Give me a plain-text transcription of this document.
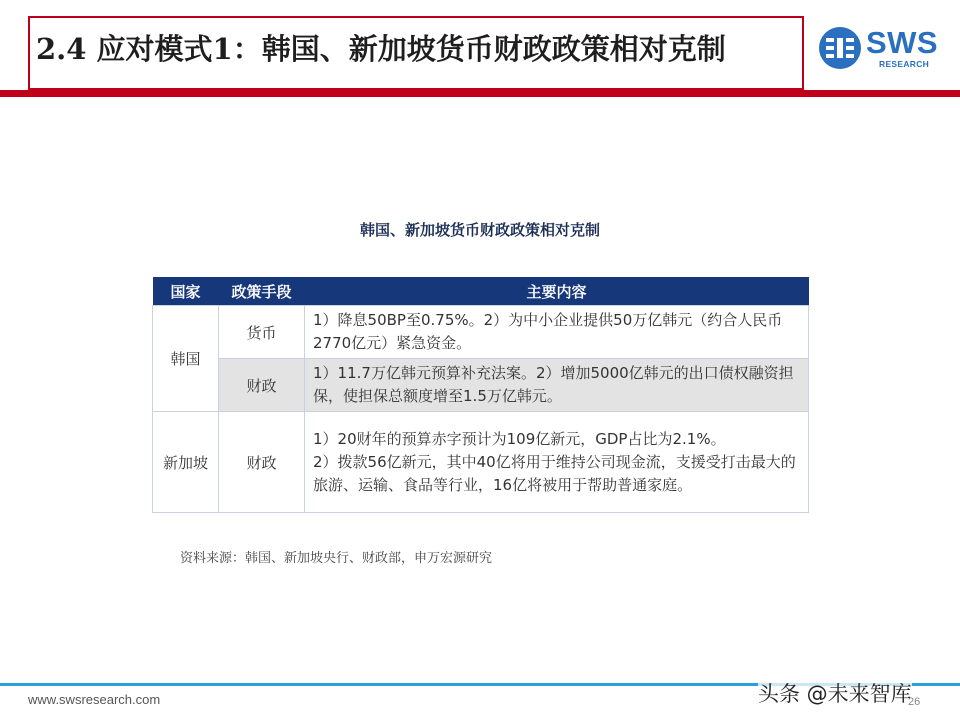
2.4 应对模式1：韩国、新加坡货币财政政策相对克制	SWS
RESEARCH
韩国、新加坡货币财政政策相对克制
国家	政策手段	主要内容
韩国	货币	1）降息50BP至0.75%。2）为中小企业提供50万亿韩元（约合人民币2770亿元）紧急资金。
	财政	1）11.7万亿韩元预算补充法案。2）增加5000亿韩元的出口债权融资担保，使担保总额度增至1.5万亿韩元。
新加坡	财政	1）20财年的预算赤字预计为109亿新元，GDP占比为2.1%。
2）拨款56亿新元，其中40亿将用于维持公司现金流，支援受打击最大的旅游、运输、食品等行业，16亿将被用于帮助普通家庭。
资料来源：韩国、新加坡央行、财政部，申万宏源研究
www.swsresearch.com	头条 @未来智库
26
